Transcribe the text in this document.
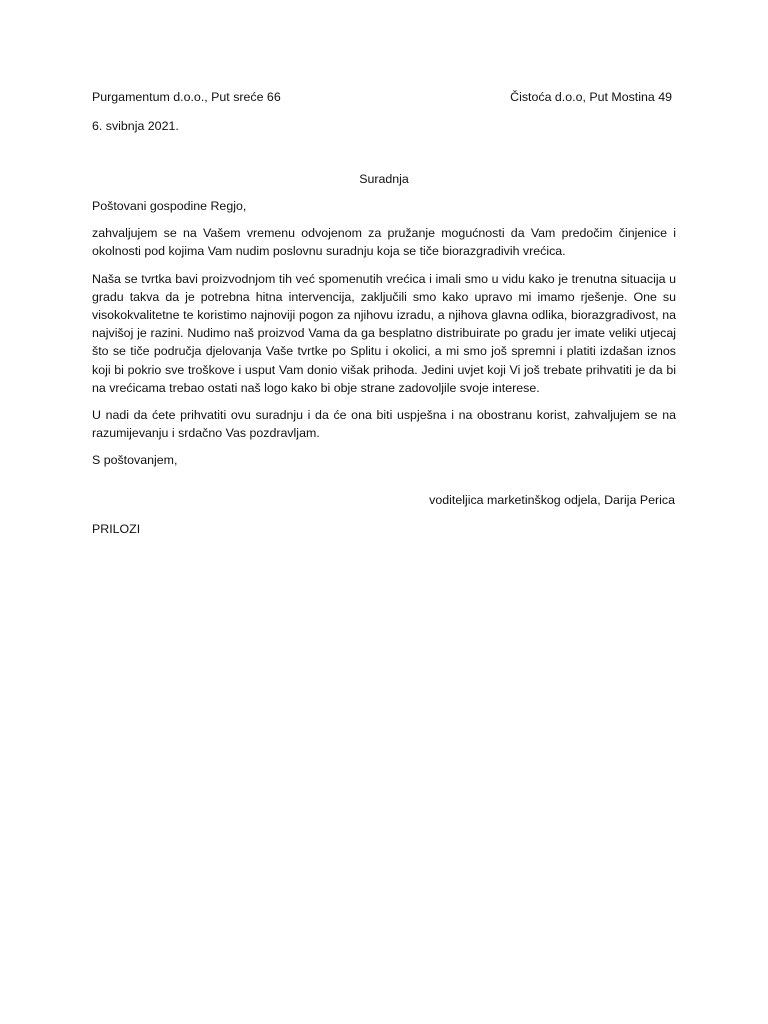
Purgamentum d.o.o., Put sreće 66	Čistoća d.o.o, Put Mostina 49
6. svibnja 2021.
Suradnja

Poštovani gospodine Regjo,

zahvaljujem se na Vašem vremenu odvojenom za pružanje mogućnosti da Vam predočim činjenice i okolnosti pod kojima Vam nudim poslovnu suradnju koja se tiče biorazgradivih vrećica.

Naša se tvrtka bavi proizvodnjom tih već spomenutih vrećica i imali smo u vidu kako je trenutna situacija u gradu takva da je potrebna hitna intervencija, zaključili smo kako upravo mi imamo rješenje. One su visokokvalitetne te koristimo najnoviji pogon za njihovu izradu, a njihova glavna odlika, biorazgradivost, na najvišoj je razini. Nudimo naš proizvod Vama da ga besplatno distribuirate po gradu jer imate veliki utjecaj što se tiče područja djelovanja Vaše tvrtke po Splitu i okolici, a mi smo još spremni i platiti izdašan iznos koji bi pokrio sve troškove i usput Vam donio višak prihoda. Jedini uvjet koji Vi još trebate prihvatiti je da bi na vrećicama trebao ostati naš logo kako bi obje strane zadovoljile svoje interese.

U nadi da ćete prihvatiti ovu suradnju i da će ona biti uspješna i na obostranu korist, zahvaljujem se na razumijevanju i srdačno Vas pozdravljam.

S poštovanjem,

voditeljica marketinškog odjela, Darija Perica
PRILOZI
